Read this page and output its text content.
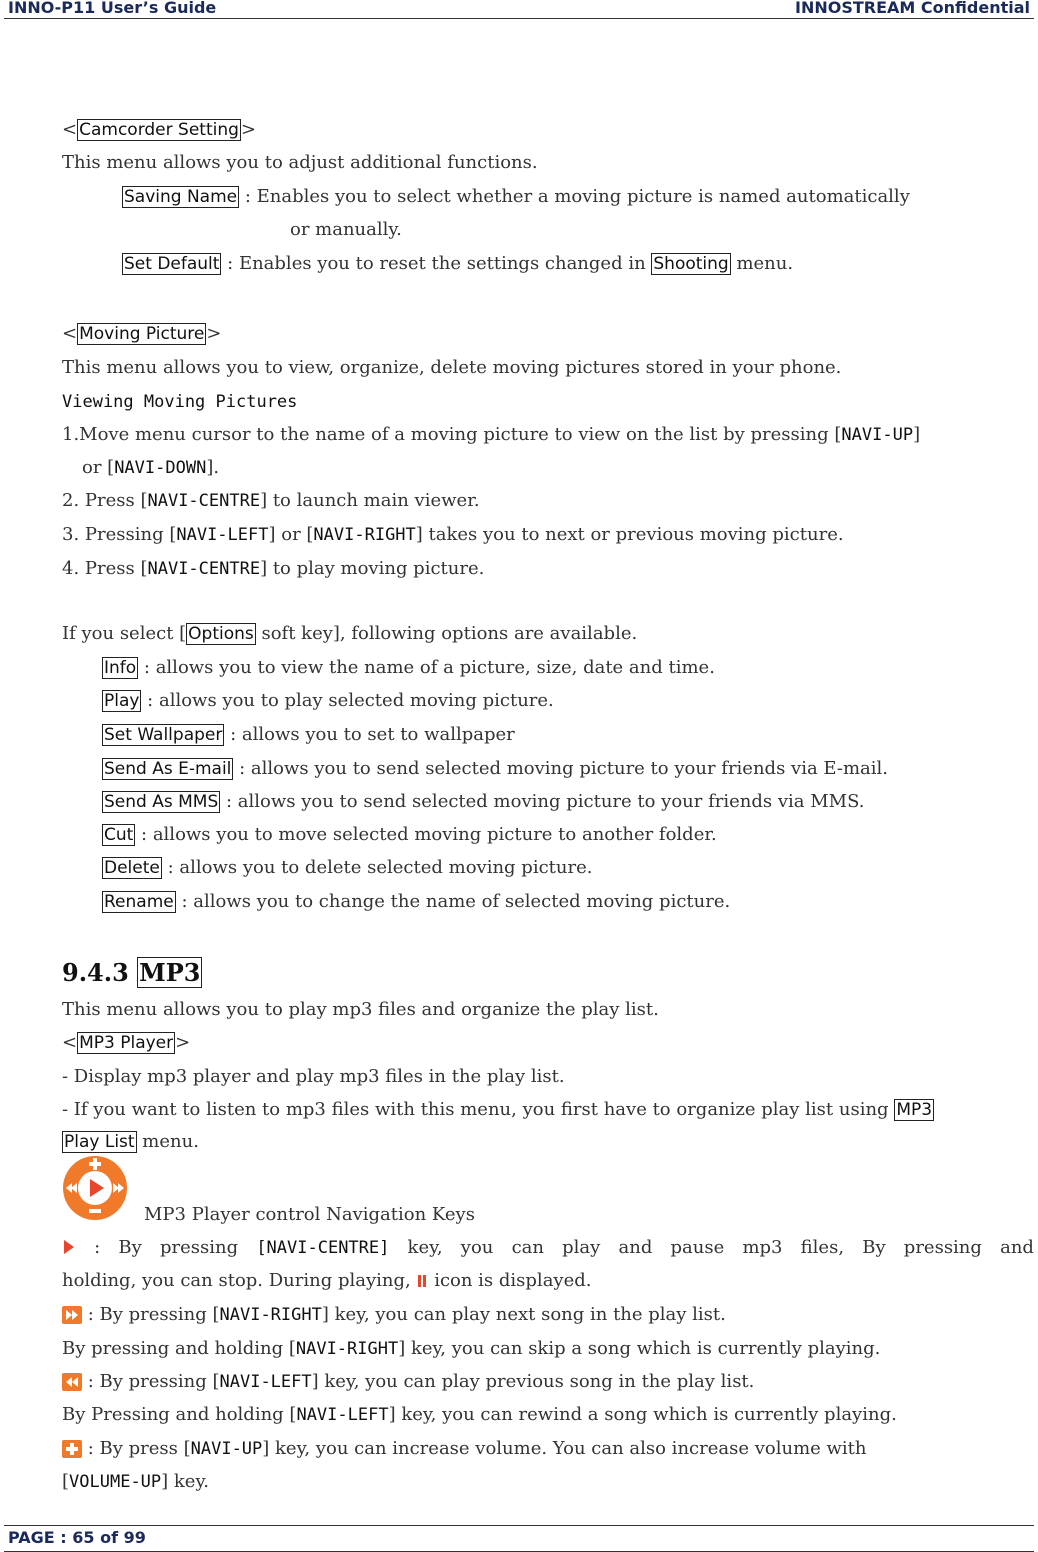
INNO-P11 User’s Guide	INNOSTREAM Confidential
< Camcorder Setting >
This menu allows you to adjust additional functions.
Saving Name : Enables you to select whether a moving picture is named automatically
or manually.
Set Default : Enables you to reset the settings changed in Shooting menu.
< Moving Picture >
This menu allows you to view, organize, delete moving pictures stored in your phone.
Viewing Moving Pictures
1.Move menu cursor to the name of a moving picture to view on the list by pressing [NAVI-UP]
or [NAVI-DOWN].
2. Press [NAVI-CENTRE] to launch main viewer.
3. Pressing [NAVI-LEFT] or [NAVI-RIGHT] takes you to next or previous moving picture.
4. Press [NAVI-CENTRE] to play moving picture.
If you select [ Options soft key], following options are available.
Info : allows you to view the name of a picture, size, date and time.
Play : allows you to play selected moving picture.
Set Wallpaper : allows you to set to wallpaper
Send As E-mail : allows you to send selected moving picture to your friends via E-mail.
Send As MMS : allows you to send selected moving picture to your friends via MMS.
Cut : allows you to move selected moving picture to another folder.
Delete : allows you to delete selected moving picture.
Rename : allows you to change the name of selected moving picture.
9.4.3 MP3
This menu allows you to play mp3 files and organize the play list.
< MP3 Player >
- Display mp3 player and play mp3 files in the play list.
- If you want to listen to mp3 files with this menu, you first have to organize play list using MP3
Play List menu.
MP3 Player control Navigation Keys
: By pressing [NAVI-CENTRE] key, you can play and pause mp3 files, By pressing and
holding, you can stop. During playing,  icon is displayed.
: By pressing [NAVI-RIGHT] key, you can play next song in the play list.
By pressing and holding [NAVI-RIGHT] key, you can skip a song which is currently playing.
: By pressing [NAVI-LEFT] key, you can play previous song in the play list.
By Pressing and holding [NAVI-LEFT] key, you can rewind a song which is currently playing.
: By press [NAVI-UP] key, you can increase volume. You can also increase volume with
[VOLUME-UP] key.
PAGE : 65 of 99
